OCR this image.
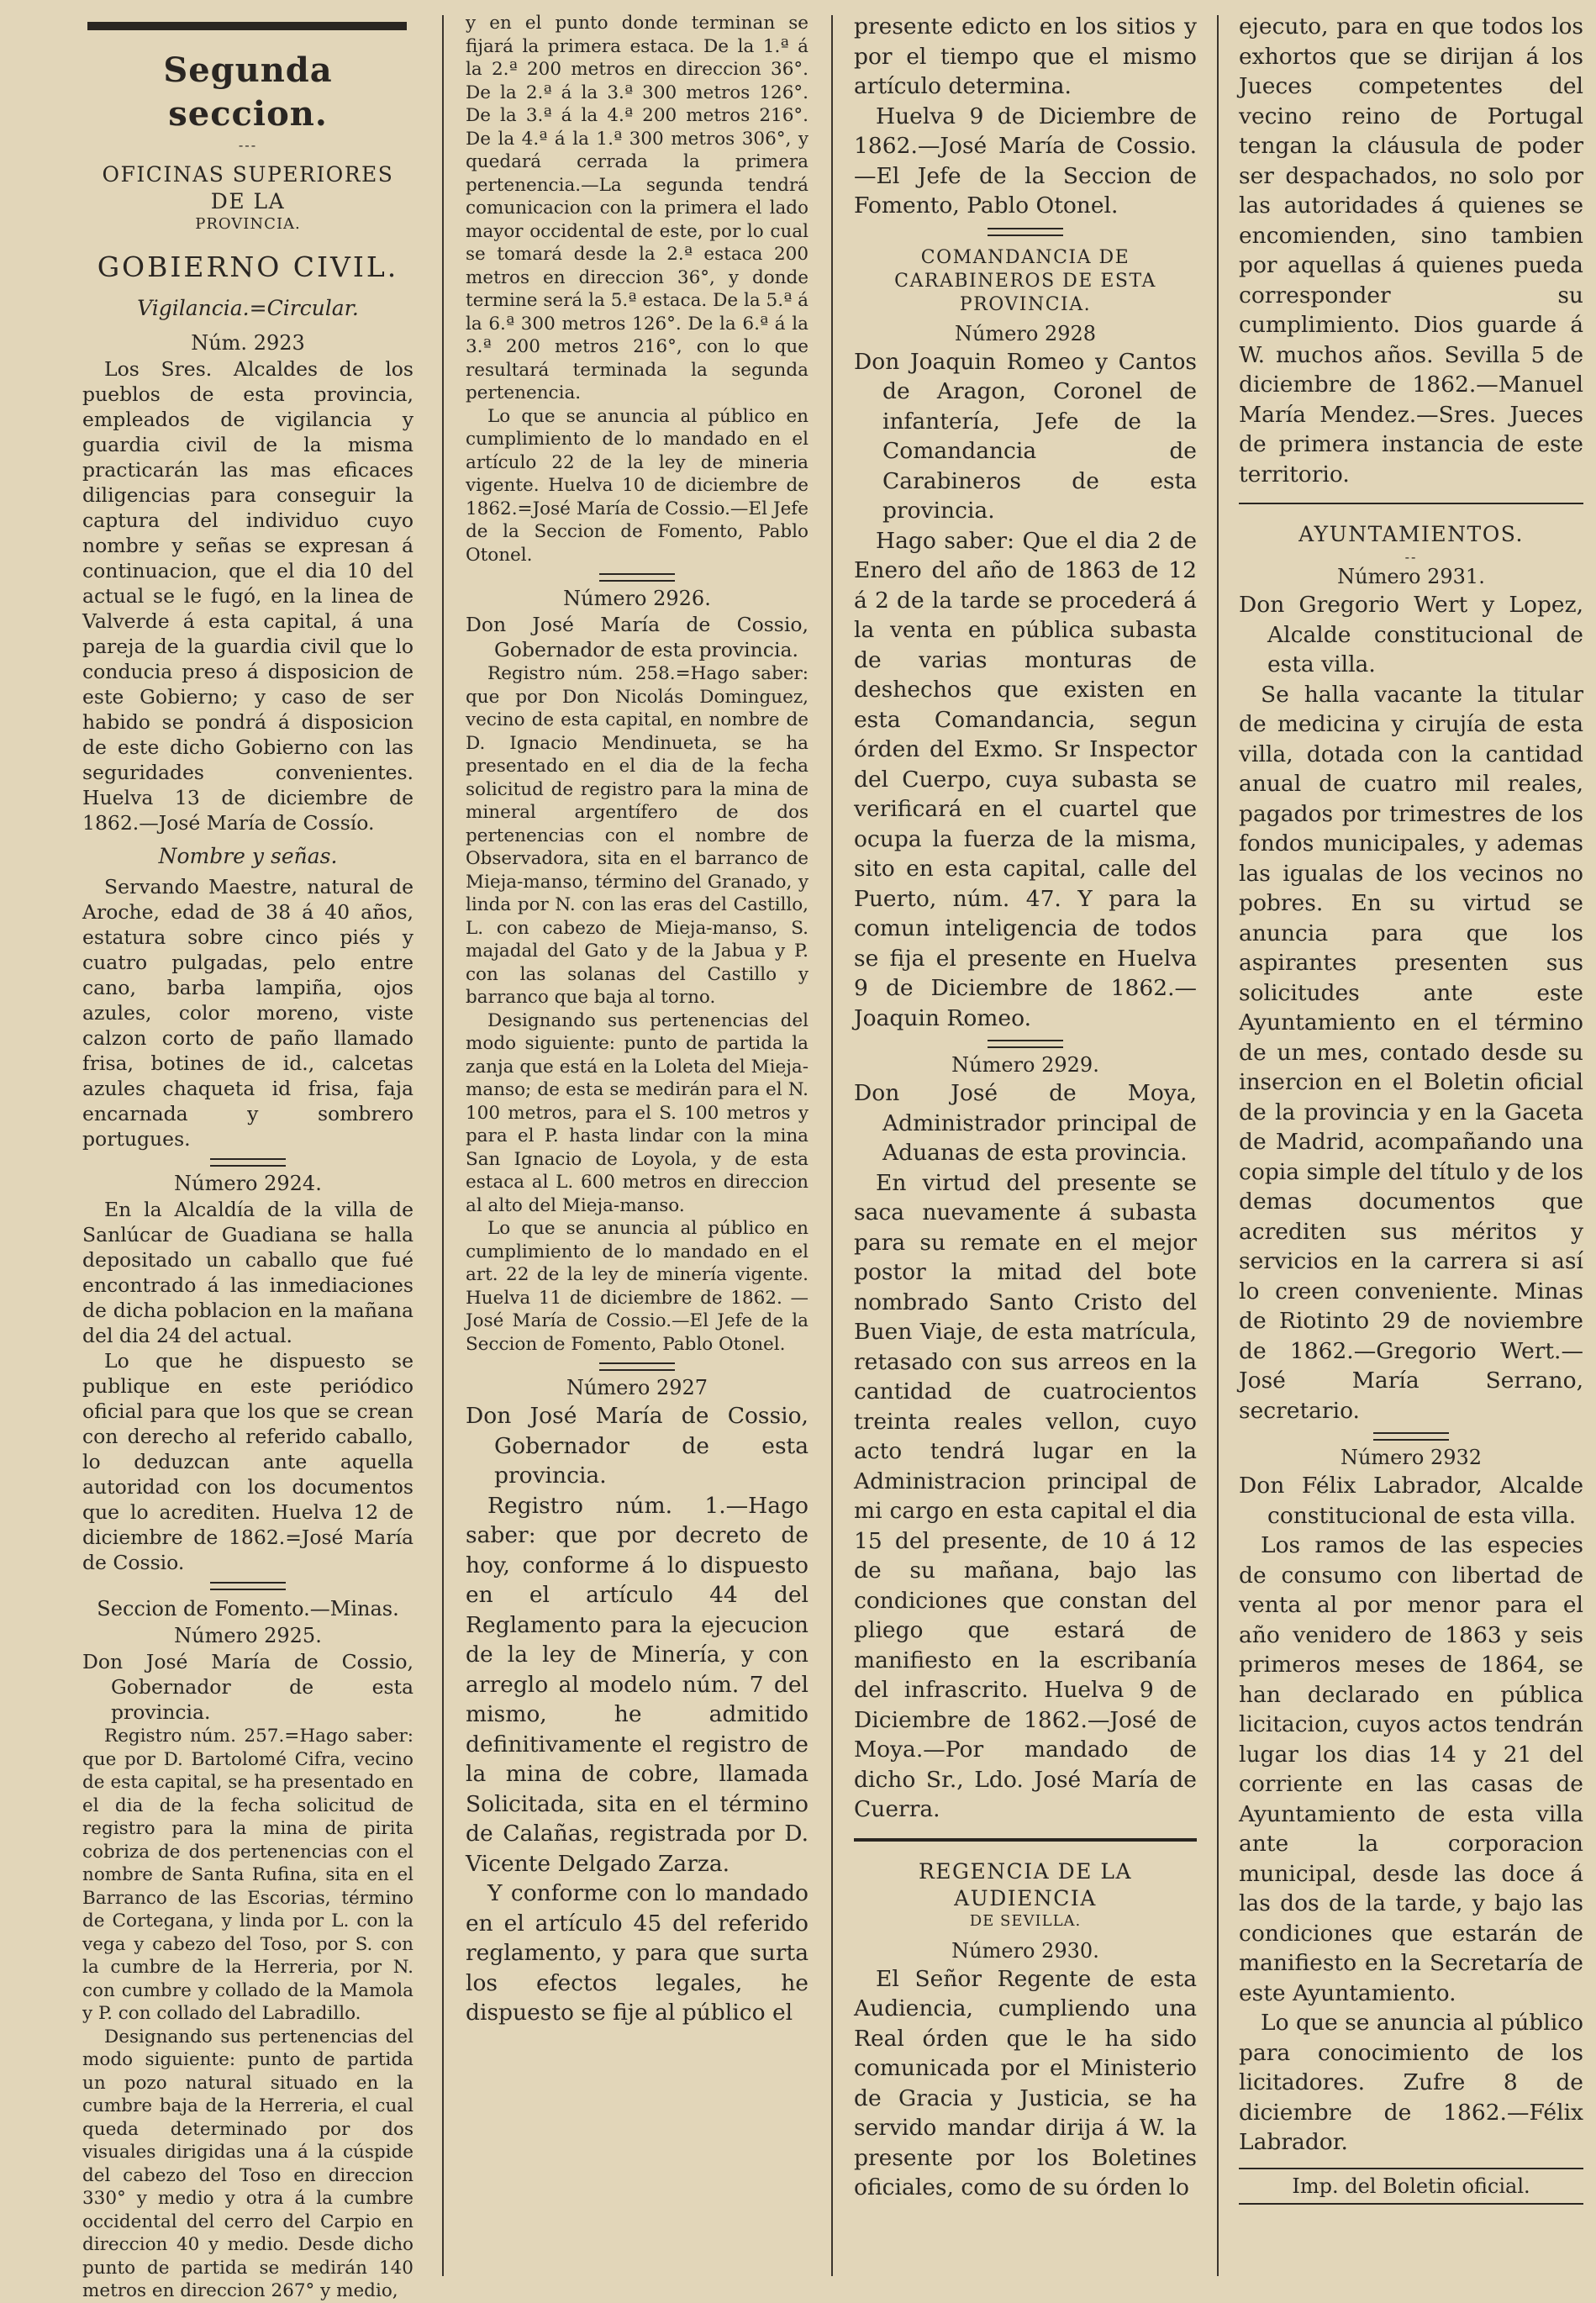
Segunda seccion.
---
OFICINAS SUPERIORES DE LA
PROVINCIA.
GOBIERNO CIVIL.
Vigilancia.=Circular.
Núm. 2923

Los Sres. Alcaldes de los pueblos de esta provincia, empleados de vigilancia y guardia civil de la misma practicarán las mas eficaces diligencias para conseguir la captura del individuo cuyo nombre y señas se expresan á continuacion, que el dia 10 del actual se le fugó, en la linea de Valverde á esta capital, á una pareja de la guardia civil que lo conducia preso á disposicion de este Gobierno; y caso de ser habido se pondrá á disposicion de este dicho Gobierno con las seguridades convenientes. Huelva 13 de diciembre de 1862.—José María de Cossío.

Nombre y señas.

Servando Maestre, natural de Aroche, edad de 38 á 40 años, estatura sobre cinco piés y cuatro pulgadas, pelo entre cano, barba lampiña, ojos azules, color moreno, viste calzon corto de paño llamado frisa, botines de id., calcetas azules chaqueta id frisa, faja encarnada y sombrero portugues.

Número 2924.

En la Alcaldía de la villa de Sanlúcar de Guadiana se halla depositado un caballo que fué encontrado á las inmediaciones de dicha poblacion en la mañana del dia 24 del actual.

Lo que he dispuesto se publique en este periódico oficial para que los que se crean con derecho al referido caballo, lo deduzcan ante aquella autoridad con los documentos que lo acrediten. Huelva 12 de diciembre de 1862.=José María de Cossio.

Seccion de Fomento.—Minas.
Número 2925.

Don José María de Cossio, Gobernador de esta provincia.

Registro núm. 257.=Hago saber: que por D. Bartolomé Cifra, vecino de esta capital, se ha presentado en el dia de la fecha solicitud de registro para la mina de pirita cobriza de dos pertenencias con el nombre de Santa Rufina, sita en el Barranco de las Escorias, término de Cortegana, y linda por L. con la vega y cabezo del Toso, por S. con la cumbre de la Herreria, por N. con cumbre y collado de la Mamola y P. con collado del Labradillo.

Designando sus pertenencias del modo siguiente: punto de partida un pozo natural situado en la cumbre baja de la Herreria, el cual queda determinado por dos visuales dirigidas una á la cúspide del cabezo del Toso en direccion 330° y medio y otra á la cumbre occidental del cerro del Carpio en direccion 40 y medio. Desde dicho punto de partida se medirán 140 metros en direccion 267° y medio,

y en el punto donde terminan se fijará la primera estaca. De la 1.ª á la 2.ª 200 metros en direccion 36°. De la 2.ª á la 3.ª 300 metros 126°. De la 3.ª á la 4.ª 200 metros 216°. De la 4.ª á la 1.ª 300 metros 306°, y quedará cerrada la primera pertenencia.—La segunda tendrá comunicacion con la primera el lado mayor occidental de este, por lo cual se tomará desde la 2.ª estaca 200 metros en direccion 36°, y donde termine será la 5.ª estaca. De la 5.ª á la 6.ª 300 metros 126°. De la 6.ª á la 3.ª 200 metros 216°, con lo que resultará terminada la segunda pertenencia.

Lo que se anuncia al público en cumplimiento de lo mandado en el artículo 22 de la ley de mineria vigente. Huelva 10 de diciembre de 1862.=José María de Cossio.—El Jefe de la Seccion de Fomento, Pablo Otonel.

Número 2926.

Don José María de Cossio, Gobernador de esta provincia.

Registro núm. 258.=Hago saber: que por Don Nicolás Dominguez, vecino de esta capital, en nombre de D. Ignacio Mendinueta, se ha presentado en el dia de la fecha solicitud de registro para la mina de mineral argentífero de dos pertenencias con el nombre de Observadora, sita en el barranco de Mieja-manso, término del Granado, y linda por N. con las eras del Castillo, L. con cabezo de Mieja-manso, S. majadal del Gato y de la Jabua y P. con las solanas del Castillo y barranco que baja al torno.

Designando sus pertenencias del modo siguiente: punto de partida la zanja que está en la Loleta del Mieja-manso; de esta se medirán para el N. 100 metros, para el S. 100 metros y para el P. hasta lindar con la mina San Ignacio de Loyola, y de esta estaca al L. 600 metros en direccion al alto del Mieja-manso.

Lo que se anuncia al público en cumplimiento de lo mandado en el art. 22 de la ley de minería vigente. Huelva 11 de diciembre de 1862. —José María de Cossio.—El Jefe de la Seccion de Fomento, Pablo Otonel.

Número 2927

Don José María de Cossio, Gobernador de esta provincia.

Registro núm. 1.—Hago saber: que por decreto de hoy, conforme á lo dispuesto en el artículo 44 del Reglamento para la ejecucion de la ley de Minería, y con arreglo al modelo núm. 7 del mismo, he admitido definitivamente el registro de la mina de cobre, llamada Solicitada, sita en el término de Calañas, registrada por D. Vicente Delgado Zarza.

Y conforme con lo mandado en el artículo 45 del referido reglamento, y para que surta los efectos legales, he dispuesto se fije al público el

presente edicto en los sitios y por el tiempo que el mismo artículo determina.

Huelva 9 de Diciembre de 1862.—José María de Cossio.—El Jefe de la Seccion de Fomento, Pablo Otonel.

COMANDANCIA DE CARABINEROS DE ESTA PROVINCIA.
Número 2928

Don Joaquin Romeo y Cantos de Aragon, Coronel de infantería, Jefe de la Comandancia de Carabineros de esta provincia.

Hago saber: Que el dia 2 de Enero del año de 1863 de 12 á 2 de la tarde se procederá á la venta en pública subasta de varias monturas de deshechos que existen en esta Comandancia, segun órden del Exmo. Sr Inspector del Cuerpo, cuya subasta se verificará en el cuartel que ocupa la fuerza de la misma, sito en esta capital, calle del Puerto, núm. 47. Y para la comun inteligencia de todos se fija el presente en Huelva 9 de Diciembre de 1862.— Joaquin Romeo.

Número 2929.

Don José de Moya, Administrador principal de Aduanas de esta provincia.

En virtud del presente se saca nuevamente á subasta para su remate en el mejor postor la mitad del bote nombrado Santo Cristo del Buen Viaje, de esta matrícula, retasado con sus arreos en la cantidad de cuatrocientos treinta reales vellon, cuyo acto tendrá lugar en la Administracion principal de mi cargo en esta capital el dia 15 del presente, de 10 á 12 de su mañana, bajo las condiciones que constan del pliego que estará de manifiesto en la escribanía del infrascrito. Huelva 9 de Diciembre de 1862.—José de Moya.—Por mandado de dicho Sr., Ldo. José María de Cuerra.

REGENCIA DE LA AUDIENCIA
DE SEVILLA.
Número 2930.

El Señor Regente de esta Audiencia, cumpliendo una Real órden que le ha sido comunicada por el Ministerio de Gracia y Justicia, se ha servido mandar dirija á W. la presente por los Boletines oficiales, como de su órden lo

ejecuto, para en que todos los exhortos que se dirijan á los Jueces competentes del vecino reino de Portugal tengan la cláusula de poder ser despachados, no solo por las autoridades á quienes se encomienden, sino tambien por aquellas á quienes pueda corresponder su cumplimiento. Dios guarde á W. muchos años. Sevilla 5 de diciembre de 1862.—Manuel María Mendez.—Sres. Jueces de primera instancia de este territorio.

AYUNTAMIENTOS.
--
Número 2931.

Don Gregorio Wert y Lopez, Alcalde constitucional de esta villa.

Se halla vacante la titular de medicina y cirujía de esta villa, dotada con la cantidad anual de cuatro mil reales, pagados por trimestres de los fondos municipales, y ademas las igualas de los vecinos no pobres. En su virtud se anuncia para que los aspirantes presenten sus solicitudes ante este Ayuntamiento en el término de un mes, contado desde su insercion en el Boletin oficial de la provincia y en la Gaceta de Madrid, acompañando una copia simple del título y de los demas documentos que acrediten sus méritos y servicios en la carrera si así lo creen conveniente. Minas de Riotinto 29 de noviembre de 1862.—Gregorio Wert.—José María Serrano, secretario.

Número 2932

Don Félix Labrador, Alcalde constitucional de esta villa.

Los ramos de las especies de consumo con libertad de venta al por menor para el año venidero de 1863 y seis primeros meses de 1864, se han declarado en pública licitacion, cuyos actos tendrán lugar los dias 14 y 21 del corriente en las casas de Ayuntamiento de esta villa ante la corporacion municipal, desde las doce á las dos de la tarde, y bajo las condiciones que estarán de manifiesto en la Secretaría de este Ayuntamiento.

Lo que se anuncia al público para conocimiento de los licitadores. Zufre 8 de diciembre de 1862.—Félix Labrador.

Imp. del Boletin oficial.
